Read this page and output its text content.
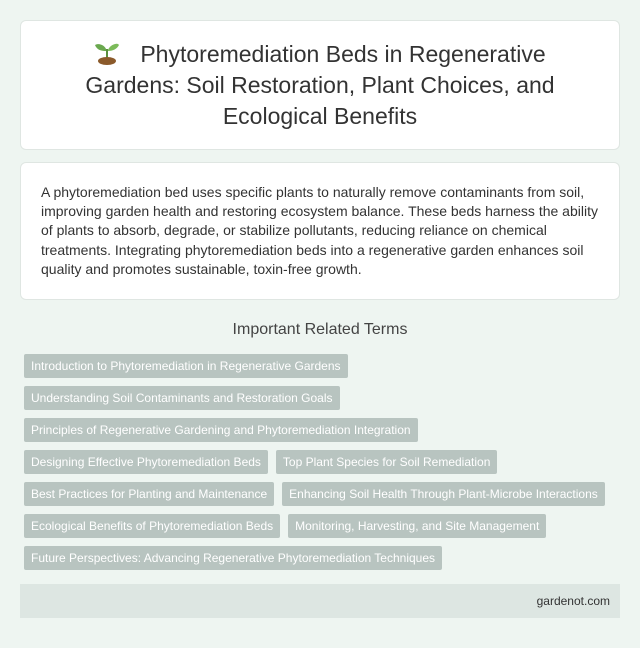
Phytoremediation Beds in Regenerative Gardens: Soil Restoration, Plant Choices, and Ecological Benefits

A phytoremediation bed uses specific plants to naturally remove contaminants from soil, improving garden health and restoring ecosystem balance. These beds harness the ability of plants to absorb, degrade, or stabilize pollutants, reducing reliance on chemical treatments. Integrating phytoremediation beds into a regenerative garden enhances soil quality and promotes sustainable, toxin-free growth.

Important Related Terms
Introduction to Phytoremediation in Regenerative Gardens
Understanding Soil Contaminants and Restoration Goals
Principles of Regenerative Gardening and Phytoremediation Integration
Designing Effective Phytoremediation Beds	Top Plant Species for Soil Remediation
Best Practices for Planting and Maintenance	Enhancing Soil Health Through Plant-Microbe Interactions
Ecological Benefits of Phytoremediation Beds	Monitoring, Harvesting, and Site Management
Future Perspectives: Advancing Regenerative Phytoremediation Techniques
gardenot.com
